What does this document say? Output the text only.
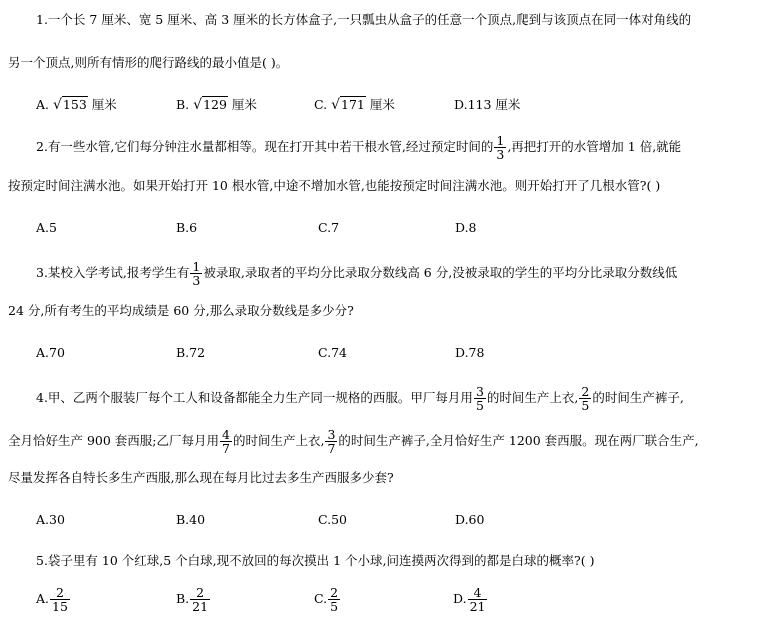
1.一个长 7 厘米、宽 5 厘米、高 3 厘米的长方体盒子,一只瓢虫从盒子的任意一个顶点,爬到与该顶点在同一体对角线的
另一个顶点,则所有情形的爬行路线的最小值是( )。
A. √153 厘米	B. √129 厘米	C. √171 厘米	D.113 厘米
2.有一些水管,它们每分钟注水量都相等。现在打开其中若干根水管,经过预定时间的 $\frac{1}{3}$ ,再把打开的水管增加 1 倍,就能
按预定时间注满水池。如果开始打开 10 根水管,中途不增加水管,也能按预定时间注满水池。则开始打开了几根水管?( )
A.5	B.6	C.7	D.8
3.某校入学考试,报考学生有 $\frac{1}{3}$ 被录取,录取者的平均分比录取分数线高 6 分,没被录取的学生的平均分比录取分数线低
24 分,所有考生的平均成绩是 60 分,那么录取分数线是多少分?
A.70	B.72	C.74	D.78
4.甲、乙两个服装厂每个工人和设备都能全力生产同一规格的西服。甲厂每月用 $\frac{3}{5}$ 的时间生产上衣, $\frac{2}{5}$ 的时间生产裤子,
全月恰好生产 900 套西服;乙厂每月用 $\frac{4}{7}$ 的时间生产上衣, $\frac{3}{7}$ 的时间生产裤子,全月恰好生产 1200 套西服。现在两厂联合生产,
尽量发挥各自特长多生产西服,那么现在每月比过去多生产西服多少套?
A.30	B.40	C.50	D.60
5.袋子里有 10 个红球,5 个白球,现不放回的每次摸出 1 个小球,问连摸两次得到的都是白球的概率?( )
A. $\frac{2}{15}$	B. $\frac{2}{21}$	C. $\frac{2}{5}$	D. $\frac{4}{21}$
